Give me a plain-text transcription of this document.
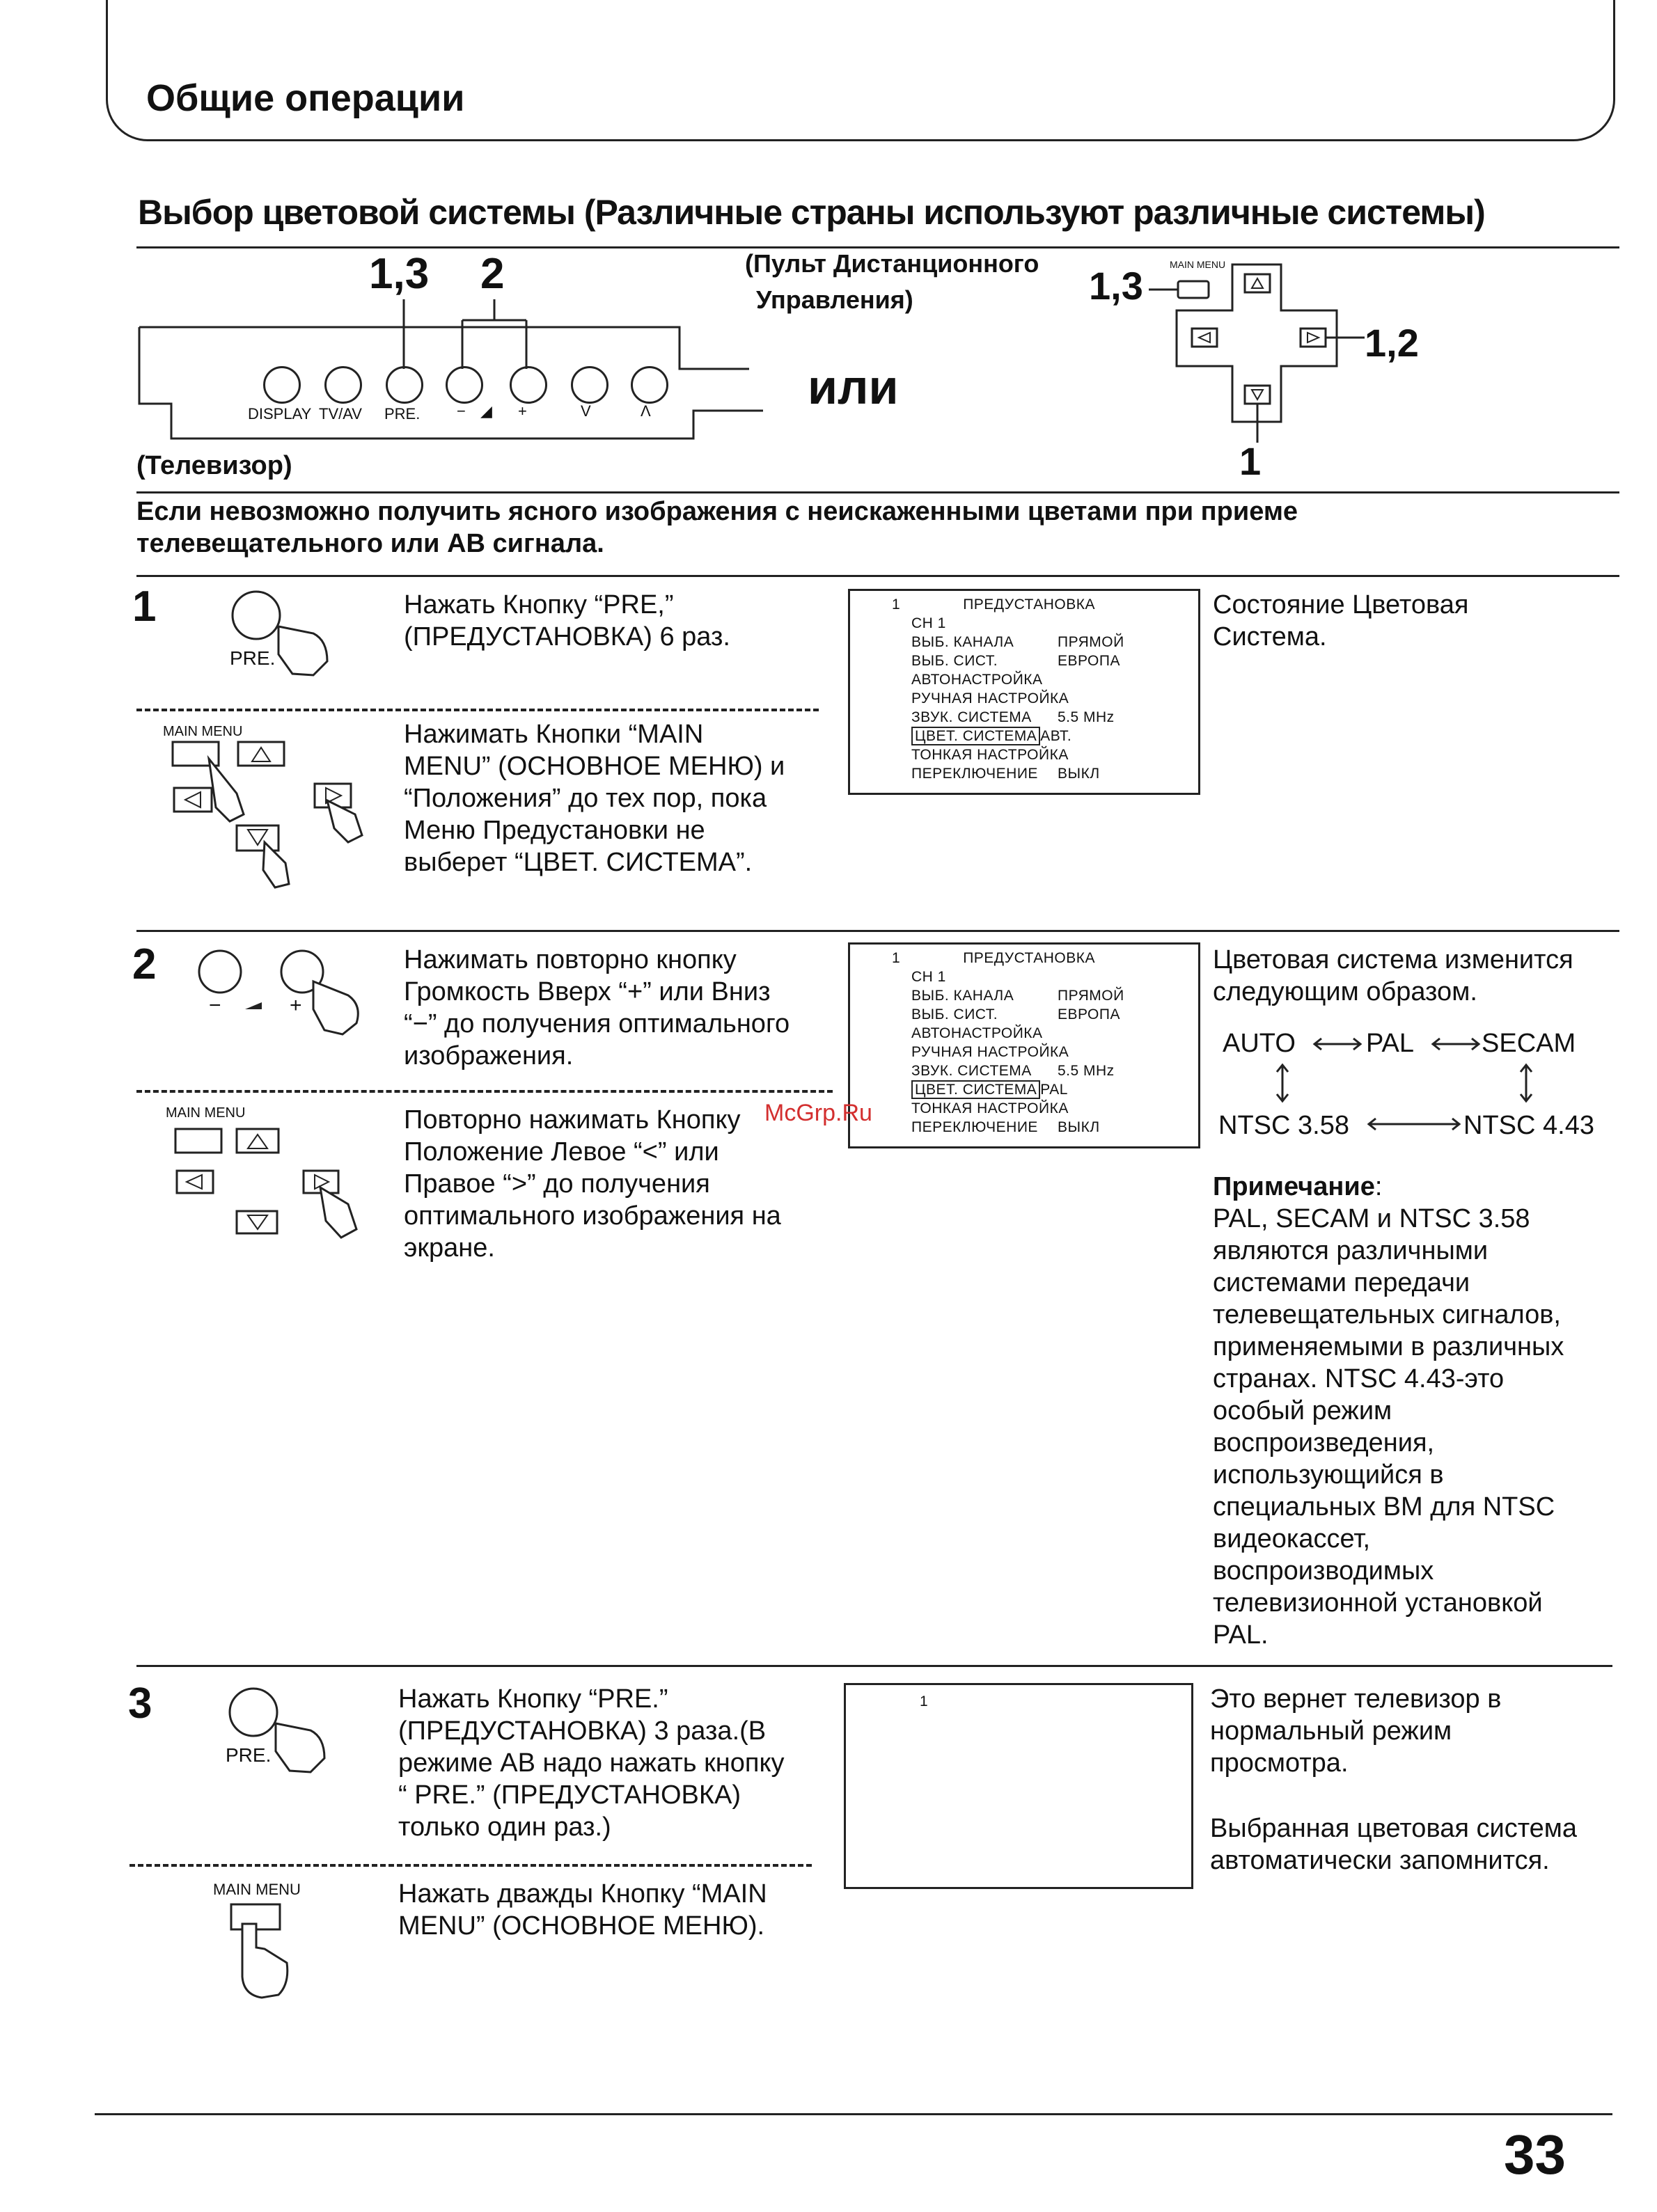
Общие операции
Выбор цветовой системы (Различные страны используют различные системы)
1,3 2
DISPLAY TV/AV PRE. − ◢ +	V	Λ
(Телевизор)
или
(Пульт Дистанционного
Управления)
MAIN MENU
1,3
1,2
1
Если невозможно получить ясного изображения с неискаженными цветами при приеме
телевещательного или АВ сигнала.
1
PRE.
Нажать Кнопку “PRE,”
(ПРЕДУСТАНОВКА) 6 раз.
MAIN MENU	Нажимать Кнопки “MAIN
MENU” (ОСНОВНОЕ МЕНЮ) и
“Положения” до тех пор, пока
Меню Предустановки не
выберет “ЦВЕТ. СИСТЕМА”.
1	ПРЕДУСТАНОВКА
CH 1
ВЫБ. КАНАЛА	ПРЯМОЙ
ВЫБ. СИСТ.	ЕВРОПА
АВТОНАСТРОЙКА
РУЧНАЯ НАСТРОЙКА
ЗВУК. СИСТЕМА 5.5 MHz
ЦВЕТ. СИСТЕМА АВТ.
ТОНКАЯ НАСТРОЙКА
ПЕРЕКЛЮЧЕНИЕ ВЫКЛ
Состояние Цветовая
Система.
2
−	+
Нажимать повторно кнопку
Громкость Вверх “+” или Вниз
“−” до получения оптимального
изображения.
MAIN MENU	Повторно нажимать Кнопку
Положение Левое “<” или
Правое “>” до получения
оптимального изображения на
экране.
1	ПРЕДУСТАНОВКА
CH 1
ВЫБ. КАНАЛА	ПРЯМОЙ
ВЫБ. СИСТ.	ЕВРОПА
АВТОНАСТРОЙКА
РУЧНАЯ НАСТРОЙКА
ЗВУК. СИСТЕМА 5.5 MHz
ЦВЕТ. СИСТЕМА PAL
ТОНКАЯ НАСТРОЙКА
ПЕРЕКЛЮЧЕНИЕ ВЫКЛ
McGrp.Ru
Цветовая система изменится
следующим образом.
AUTO	PAL	SECAM
NTSC 3.58	NTSC 4.43
Примечание:
PAL, SECAM и NTSC 3.58
являются различными
системами передачи
телевещательных сигналов,
применяемыми в различных
странах. NTSC 4.43-это
особый режим
воспроизведения,
использующийся в
специальных ВМ для NTSC
видеокассет,
воспроизводимых
телевизионной установкой
PAL.
3
PRE.
Нажать Кнопку “PRE.”
(ПРЕДУСТАНОВКА) 3 раза.(В
режиме АВ надо нажать кнопку
“ PRE.” (ПРЕДУСТАНОВКА)
только один раз.)
MAIN MENU	Нажать дважды Кнопку “MAIN
MENU” (ОСНОВНОЕ МЕНЮ).
1	Это вернет телевизор в
нормальный режим
просмотра.
Выбранная цветовая система
автоматически запомнится.
33
